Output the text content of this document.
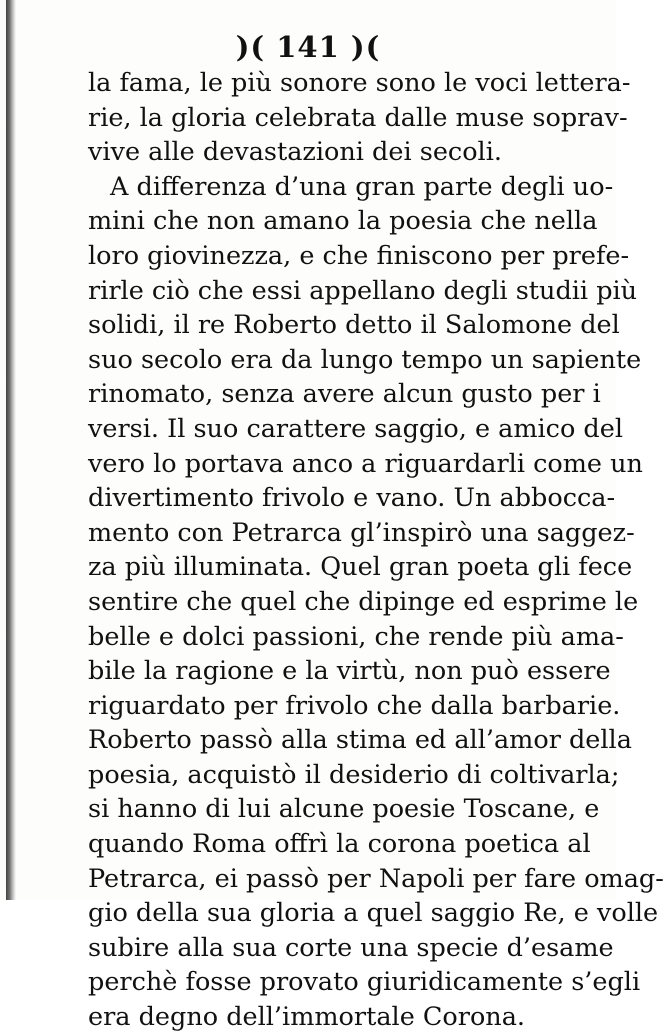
)( 141 )(
la fama, le più sonore sono le voci lettera-
rie, la gloria celebrata dalle muse soprav-
vive alle devastazioni dei secoli.
A differenza d’una gran parte degli uo-
mini che non amano la poesia che nella
loro giovinezza, e che finiscono per prefe-
rirle ciò che essi appellano degli studii più
solidi, il re Roberto detto il Salomone del
suo secolo era da lungo tempo un sapiente
rinomato, senza avere alcun gusto per i
versi. Il suo carattere saggio, e amico del
vero lo portava anco a riguardarli come un
divertimento frivolo e vano. Un abbocca-
mento con Petrarca gl’inspirò una saggez-
za più illuminata. Quel gran poeta gli fece
sentire che quel che dipinge ed esprime le
belle e dolci passioni, che rende più ama-
bile la ragione e la virtù, non può essere
riguardato per frivolo che dalla barbarie.
Roberto passò alla stima ed all’amor della
poesia, acquistò il desiderio di coltivarla;
si hanno di lui alcune poesie Toscane, e
quando Roma offrì la corona poetica al
Petrarca, ei passò per Napoli per fare omag-
gio della sua gloria a quel saggio Re, e volle
subire alla sua corte una specie d’esame
perchè fosse provato giuridicamente s’egli
era degno dell’immortale Corona.
